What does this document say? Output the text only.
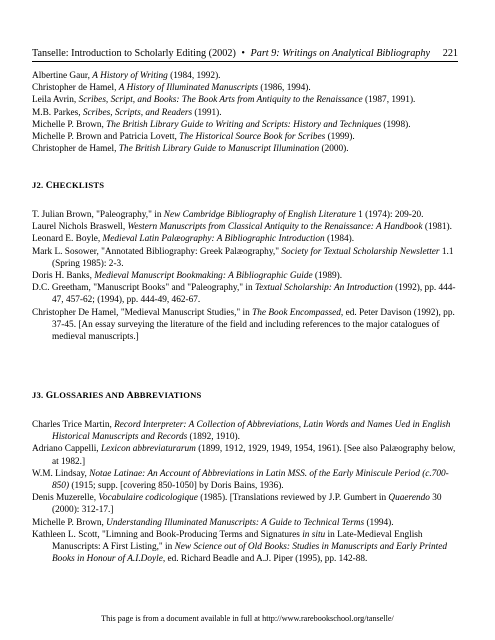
Tanselle: Introduction to Scholarly Editing (2002) • Part 9: Writings on Analytical Bibliography 221

Albertine Gaur, A History of Writing (1984, 1992).

Christopher de Hamel, A History of Illuminated Manuscripts (1986, 1994).

Leila Avrin, Scribes, Script, and Books: The Book Arts from Antiquity to the Renaissance (1987, 1991).

M.B. Parkes, Scribes, Scripts, and Readers (1991).

Michelle P. Brown, The British Library Guide to Writing and Scripts: History and Techniques (1998).

Michelle P. Brown and Patricia Lovett, The Historical Source Book for Scribes (1999).

Christopher de Hamel, The British Library Guide to Manuscript Illumination (2000).

J2. CHECKLISTS

T. Julian Brown, "Paleography," in New Cambridge Bibliography of English Literature 1 (1974): 209-20.

Laurel Nichols Braswell, Western Manuscripts from Classical Antiquity to the Renaissance: A Handbook (1981).

Leonard E. Boyle, Medieval Latin Palæography: A Bibliographic Introduction (1984).

Mark L. Sosower, "Annotated Bibliography: Greek Palæography," Society for Textual Scholarship Newsletter 1.1 (Spring 1985): 2-3.

Doris H. Banks, Medieval Manuscript Bookmaking: A Bibliographic Guide (1989).

D.C. Greetham, "Manuscript Books" and "Paleography," in Textual Scholarship: An Introduction (1992), pp. 444-47, 457-62; (1994), pp. 444-49, 462-67.

Christopher De Hamel, "Medieval Manuscript Studies," in The Book Encompassed, ed. Peter Davison (1992), pp. 37-45. [An essay surveying the literature of the field and including references to the major catalogues of medieval manuscripts.]

J3. GLOSSARIES AND ABBREVIATIONS

Charles Trice Martin, Record Interpreter: A Collection of Abbreviations, Latin Words and Names Ued in English Historical Manuscripts and Records (1892, 1910).

Adriano Cappelli, Lexicon abbreviaturarum (1899, 1912, 1929, 1949, 1954, 1961). [See also Palæography below, at 1982.]

W.M. Lindsay, Notae Latinae: An Account of Abbreviations in Latin MSS. of the Early Miniscule Period (c.700-850) (1915; supp. [covering 850-1050] by Doris Bains, 1936).

Denis Muzerelle, Vocabulaire codicologique (1985). [Translations reviewed by J.P. Gumbert in Quaerendo 30 (2000): 312-17.]

Michelle P. Brown, Understanding Illuminated Manuscripts: A Guide to Technical Terms (1994).

Kathleen L. Scott, "Limning and Book-Producing Terms and Signatures in situ in Late-Medieval English Manuscripts: A First Listing," in New Science out of Old Books: Studies in Manuscripts and Early Printed Books in Honour of A.I.Doyle, ed. Richard Beadle and A.J. Piper (1995), pp. 142-88.

This page is from a document available in full at http://www.rarebookschool.org/tanselle/
